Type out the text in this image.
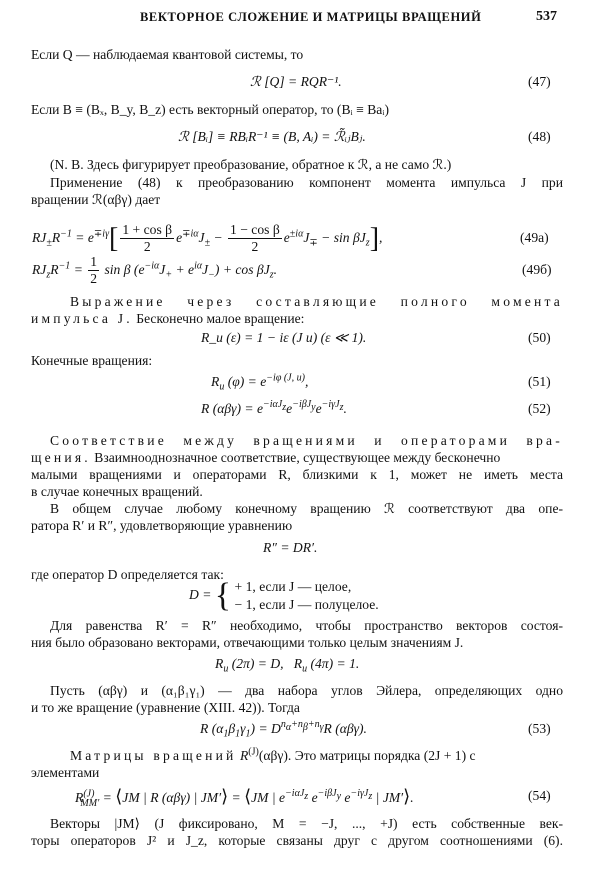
ВЕКТОРНОЕ СЛОЖЕНИЕ И МАТРИЦЫ ВРАЩЕНИЙ	537
Если Q — наблюдаемая квантовой системы, то
ℛ [Q] = RQR⁻¹.	(47)
Если B ≡ (Bₓ, B_y, B_z) есть векторный оператор, то (Bᵢ ≡ Baᵢ)
ℛ [Bᵢ] ≡ RBᵢR⁻¹ ≡ (B, Aᵢ) = ℛ̃ᵢⱼBⱼ.	(48)
(N. B. Здесь фигурирует преобразование, обратное к ℛ, а не само ℛ.)
Применение (48) к преобразованию компонент момента импульса J при
вращении ℛ(αβγ) дает
$RJ_\pm R^{-1} = e^{\mp i\gamma}[ \frac{\text{1 + cos β}}{2} e^{\mp i\alpha}J_\pm - \frac{\text{1 − cos β}}{2} e^{\pm i\alpha}J_\mp - \sin \beta J_z]$,	(49a)
$RJ_zR^{-1} = \frac{1}{2}$ sin β $(e^{-i\alpha}J_+ + e^{i\alpha}J_-) + \cos \beta J_z$.	(49б)
Выражение через составляющие полного момента
импульса J. Бесконечно малое вращение:
R_u (ε) = 1 − iε (J u) (ε ≪ 1).	(50)
Конечные вращения:
$R_u$ $(\varphi) = e^{-i\varphi (J, u)}$,	(51)
R $(\alpha\beta\gamma) = e^{-i\alpha J_z}e^{-i\beta J_y}e^{-i\gamma J_z}$.	(52)
Соответствие между вращениями и операторами вра-
щения. Взаимнооднозначное соответствие, существующее между бесконечно
малыми вращениями и операторами R, близкими к 1, может не иметь места
в случае конечных вращений.
В общем случае любому конечному вращению ℛ соответствуют два опе-
ратора R′ и R″, удовлетворяющие уравнению
R″ = DR′.
где оператор D определяется так:
D = { + 1, если J — целое,
− 1, если J — полуцелое.
Для равенства R′ = R″ необходимо, чтобы пространство векторов состоя-
ния было образовано векторами, отвечающими только целым значениям J.
$R_u$ (2π) = D,   $R_u$ (4π) = 1.
Пусть (αβγ) и (α₁β₁γ₁) — два набора углов Эйлера, определяющих одно
и то же вращение (уравнение (XIII. 42)). Тогда
R $(\alpha_1\beta_1\gamma_1) = D^{n_\alpha+n_\beta+n_\gamma}R$ (αβγ).	(53)
Матрицы вращений $R^{(J)}(\alpha\beta\gamma)$. Это матрицы порядка (2J + 1) с
элементами
$R^{(J)}_{MM'}$ = ⟨JM | R (αβγ) | JM′⟩ = ⟨JM | $e^{-i\alpha J_z}$ $e^{-i\beta J_y}$ $e^{-i\gamma J_z}$ | JM′⟩.	(54)
Векторы |JM⟩ (J фиксировано, M = −J, ..., +J) есть собственные век-
торы операторов J² и J_z, которые связаны друг с другом соотношениями (6).
